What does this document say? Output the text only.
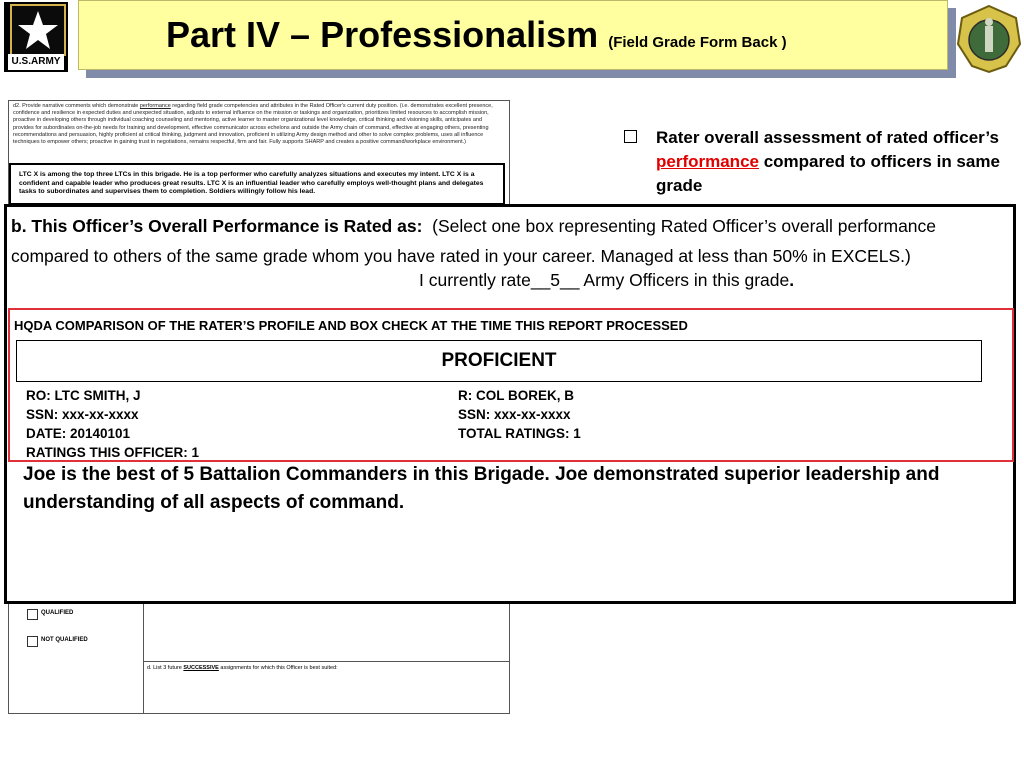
U.S.ARMY
Part IV – Professionalism (Field Grade Form Back )
d2. Provide narrative comments which demonstrate performance regarding field grade competencies and attributes in the Rated Officer's current duty position. (i.e. demonstrates excellent presence, confidence and resilience in expected duties and unexpected situation, adjusts to external influence on the mission or taskings and organization, prioritizes limited resources to accomplish mission, proactive in developing others through individual coaching counseling and mentoring, active learner to master organizational level knowledge, critical thinking and visioning skills, anticipates and provides for subordinates on-the-job needs for training and development, effective communicator across echelons and outside the Army chain of command, effective at engaging others, presenting recommendations and persuasion, highly proficient at critical thinking, judgment and innovation, proficient in utilizing Army design method and other to solve complex problems, uses all influence techniques to empower others; proactive in gaining trust in negotiations, remains respectful, firm and fair. Fully supports SHARP and creates a positive command/workplace environment.)
LTC X is among the top three LTCs in this brigade. He is a top performer who carefully analyzes situations and executes my intent. LTC X is a confident and capable leader who produces great results. LTC X is an influential leader who carefully employs well-thought plans and delegates tasks to subordinates and supervises them to completion. Soldiers willingly follow his lead.
QUALIFIED
NOT QUALIFIED
d. List 3 future SUCCESSIVE assignments for which this Officer is best suited:
Rater overall assessment of rated officer’s performance compared to officers in same grade
b. This Officer’s Overall Performance is Rated as: (Select one box representing Rated Officer’s overall performance compared to others of the same grade whom you have rated in your career. Managed at less than 50% in EXCELS.)
I currently rate__5__ Army Officers in this grade.
HQDA COMPARISON OF THE RATER’S PROFILE AND BOX CHECK AT THE TIME THIS REPORT PROCESSED
PROFICIENT
RO: LTC SMITH, J
SSN: xxx-xx-xxxx
DATE: 20140101
RATINGS THIS OFFICER: 1
R: COL BOREK, B
SSN: xxx-xx-xxxx
TOTAL RATINGS: 1
Joe is the best of 5 Battalion Commanders in this Brigade. Joe demonstrated superior leadership and understanding of all aspects of command.
